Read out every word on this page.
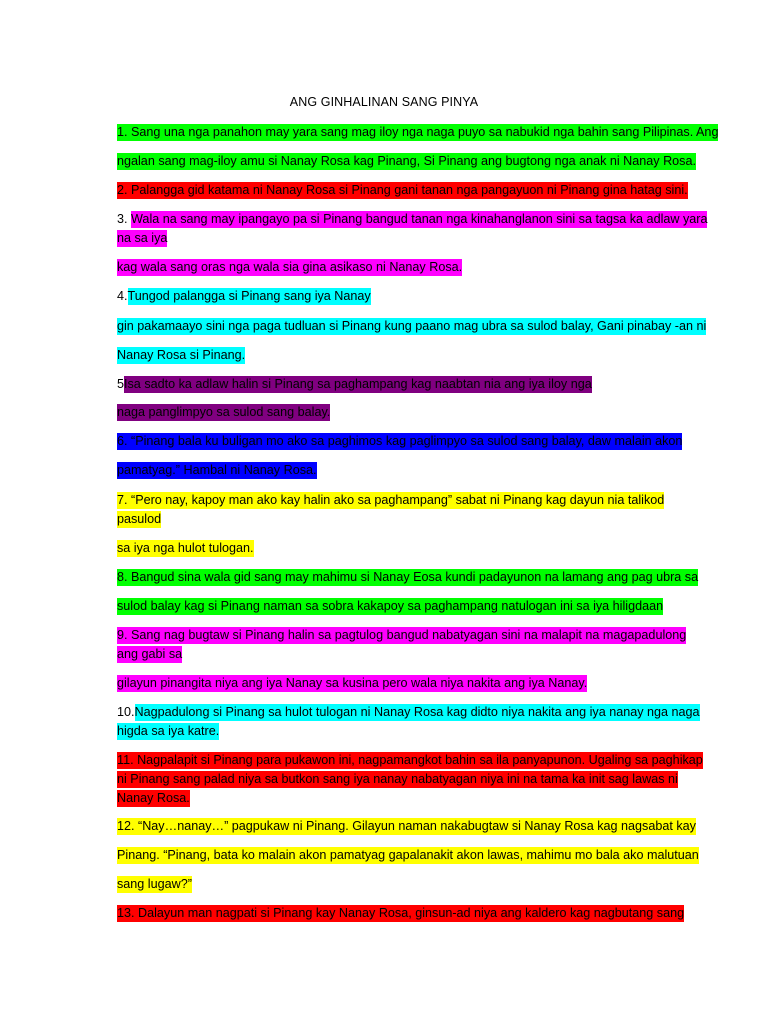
ANG GINHALINAN SANG PINYA
1. Sang una nga panahon may yara sang mag iloy nga naga puyo sa nabukid nga bahin sang Pilipinas. Ang
ngalan sang mag-iloy amu si Nanay Rosa kag Pinang, Si Pinang ang bugtong nga anak ni Nanay Rosa.
2. Palangga gid katama ni Nanay Rosa si Pinang gani tanan nga pangayuon ni Pinang gina hatag sini.
3. Wala na sang may ipangayo pa si Pinang bangud tanan nga kinahanglanon sini sa tagsa ka adlaw yara
na sa iya
kag wala sang oras nga wala sia gina asikaso ni Nanay Rosa.
4.Tungod palangga si Pinang sang iya Nanay
gin pakamaayo sini nga paga tudluan si Pinang kung paano mag ubra sa sulod balay, Gani pinabay -an ni
Nanay Rosa si Pinang.
5Isa sadto ka adlaw halin si Pinang sa paghampang kag naabtan nia ang iya iloy nga
naga panglimpyo sa sulod sang balay.
6. “Pinang bala ku buligan mo ako sa paghimos kag paglimpyo sa sulod sang balay, daw malain akon
pamatyag.” Hambal ni Nanay Rosa.
7. “Pero nay, kapoy man ako kay halin ako sa paghampang” sabat ni Pinang kag dayun nia talikod
pasulod
sa iya nga hulot tulogan.
8. Bangud sina wala gid sang may mahimu si Nanay Eosa kundi padayunon na lamang ang pag ubra sa
sulod balay kag si Pinang naman sa sobra kakapoy sa paghampang natulogan ini sa iya hiligdaan
9. Sang nag bugtaw si Pinang halin sa pagtulog bangud nabatyagan sini na malapit na magapadulong
ang gabi sa
gilayun pinangita niya ang iya Nanay sa kusina pero wala niya nakita ang iya Nanay.
10.Nagpadulong si Pinang sa hulot tulogan ni Nanay Rosa kag didto niya nakita ang iya nanay nga naga
higda sa iya katre.
11. Nagpalapit si Pinang para pukawon ini, nagpamangkot bahin sa ila panyapunon. Ugaling sa paghikap
ni Pinang sang palad niya sa butkon sang iya nanay nabatyagan niya ini na tama ka init sag lawas ni
Nanay Rosa.
12. “Nay…nanay…” pagpukaw ni Pinang. Gilayun naman nakabugtaw si Nanay Rosa kag nagsabat kay
Pinang. “Pinang, bata ko malain akon pamatyag gapalanakit akon lawas, mahimu mo bala ako malutuan
sang lugaw?”
13. Dalayun man nagpati si Pinang kay Nanay Rosa, ginsun-ad niya ang kaldero kag nagbutang sang
